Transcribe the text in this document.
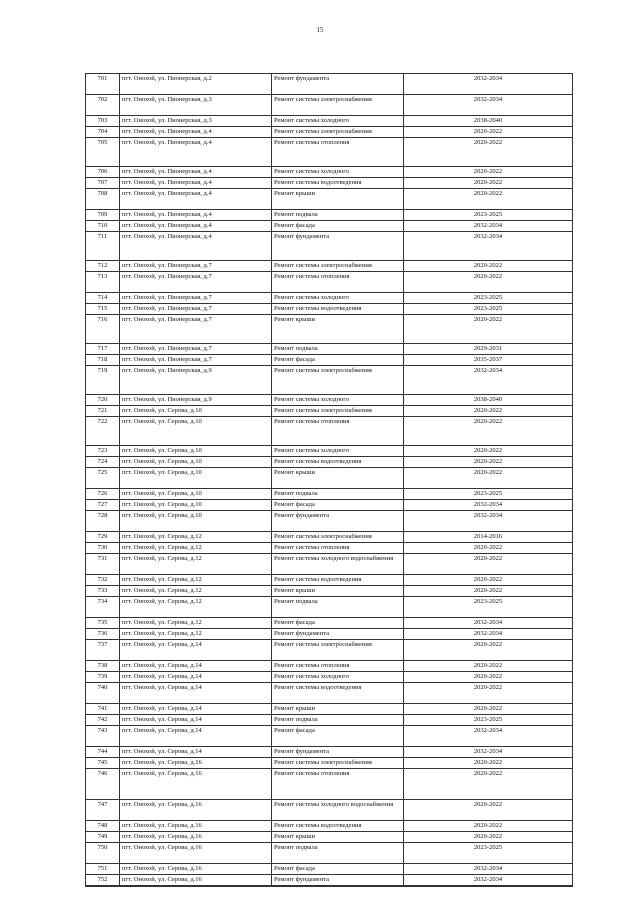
15
701	пгт. Онохой, ул. Пионерская, д.2	Ремонт фундамента	2032-2034
702	пгт. Онохой, ул. Пионерская, д.3	Ремонт системы электроснабжения	2032-2034
703	пгт. Онохой, ул. Пионерская, д.3	Ремонт системы холодного	2038-2040
704	пгт. Онохой, ул. Пионерская, д.4	Ремонт системы электроснабжения	2020-2022
705	пгт. Онохой, ул. Пионерская, д.4	Ремонт системы отопления	2020-2022
706	пгт. Онохой, ул. Пионерская, д.4	Ремонт системы холодного	2020-2022
707	пгт. Онохой, ул. Пионерская, д.4	Ремонт системы водоотведения	2020-2022
708	пгт. Онохой, ул. Пионерская, д.4	Ремонт крыши	2020-2022
709	пгт. Онохой, ул. Пионерская, д.4	Ремонт подвала	2023-2025
710	пгт. Онохой, ул. Пионерская, д.4	Ремонт фасада	2032-2034
711	пгт. Онохой, ул. Пионерская, д.4	Ремонт фундамента	2032-2034
712	пгт. Онохой, ул. Пионерская, д.7	Ремонт системы электроснабжения	2020-2022
713	пгт. Онохой, ул. Пионерская, д.7	Ремонт системы отопления	2020-2022
714	пгт. Онохой, ул. Пионерская, д.7	Ремонт системы холодного	2023-2025
715	пгт. Онохой, ул. Пионерская, д.7	Ремонт системы водоотведения	2023-2025
716	пгт. Онохой, ул. Пионерская, д.7	Ремонт крыши	2020-2022
717	пгт. Онохой, ул. Пионерская, д.7	Ремонт подвала	2029-2031
718	пгт. Онохой, ул. Пионерская, д.7	Ремонт фасада	2035-2037
719	пгт. Онохой, ул. Пионерская, д.9	Ремонт системы электроснабжения	2032-2034
720	пгт. Онохой, ул. Пионерская, д.9	Ремонт системы холодного	2038-2040
721	пгт. Онохой, ул. Серова, д.10	Ремонт системы электроснабжения	2020-2022
722	пгт. Онохой, ул. Серова, д.10	Ремонт системы отопления	2020-2022
723	пгт. Онохой, ул. Серова, д.10	Ремонт системы холодного	2020-2022
724	пгт. Онохой, ул. Серова, д.10	Ремонт системы водоотведения	2020-2022
725	пгт. Онохой, ул. Серова, д.10	Ремонт крыши	2020-2022
726	пгт. Онохой, ул. Серова, д.10	Ремонт подвала	2023-2025
727	пгт. Онохой, ул. Серова, д.10	Ремонт фасада	2032-2034
728	пгт. Онохой, ул. Серова, д.10	Ремонт фундамента	2032-2034
729	пгт. Онохой, ул. Серова, д.12	Ремонт системы электроснабжения	2014-2016
730	пгт. Онохой, ул. Серова, д.12	Ремонт системы отопления	2020-2022
731	пгт. Онохой, ул. Серова, д.12	Ремонт системы холодного водоснабжения	2020-2022
732	пгт. Онохой, ул. Серова, д.12	Ремонт системы водоотведения	2020-2022
733	пгт. Онохой, ул. Серова, д.12	Ремонт крыши	2020-2022
734	пгт. Онохой, ул. Серова, д.12	Ремонт подвала	2023-2025
735	пгт. Онохой, ул. Серова, д.12	Ремонт фасада	2032-2034
736	пгт. Онохой, ул. Серова, д.12	Ремонт фундамента	2032-2034
737	пгт. Онохой, ул. Серова, д.14	Ремонт системы электроснабжения	2020-2022
738	пгт. Онохой, ул. Серова, д.14	Ремонт системы отопления	2020-2022
739	пгт. Онохой, ул. Серова, д.14	Ремонт системы холодного	2020-2022
740	пгт. Онохой, ул. Серова, д.14	Ремонт системы водоотведения	2020-2022
741	пгт. Онохой, ул. Серова, д.14	Ремонт крыши	2020-2022
742	пгт. Онохой, ул. Серова, д.14	Ремонт подвала	2023-2025
743	пгт. Онохой, ул. Серова, д.14	Ремонт фасада	2032-2034
744	пгт. Онохой, ул. Серова, д.14	Ремонт фундамента	2032-2034
745	пгт. Онохой, ул. Серова, д.16	Ремонт системы электроснабжения	2020-2022
746	пгт. Онохой, ул. Серова, д.16	Ремонт системы отопления	2020-2022
747	пгт. Онохой, ул. Серова, д.16	Ремонт системы холодного водоснабжения	2020-2022
748	пгт. Онохой, ул. Серова, д.16	Ремонт системы водоотведения	2020-2022
749	пгт. Онохой, ул. Серова, д.16	Ремонт крыши	2020-2022
750	пгт. Онохой, ул. Серова, д.16	Ремонт подвала	2023-2025
751	пгт. Онохой, ул. Серова, д.16	Ремонт фасада	2032-2034
752	пгт. Онохой, ул. Серова, д.16	Ремонт фундамента	2032-2034
